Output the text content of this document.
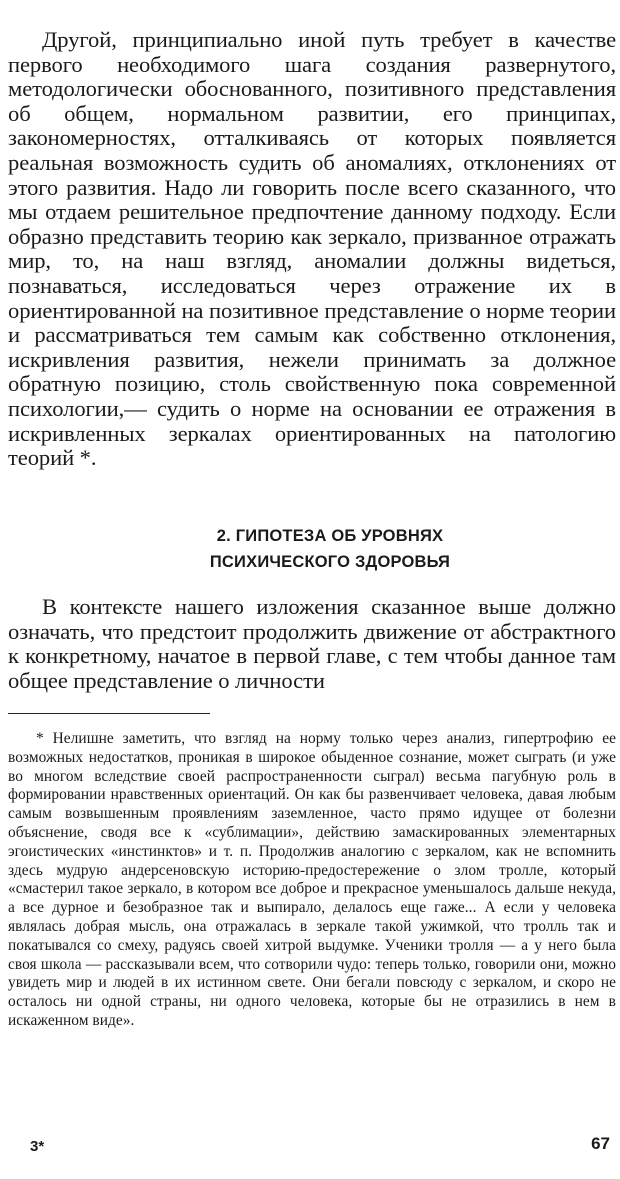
Другой, принципиально иной путь требует в качестве первого необходимого шага создания развернутого, методологически обоснованного, позитивного представления об общем, нормальном развитии, его принципах, закономерностях, отталкиваясь от которых появляется реальная возможность судить об аномалиях, отклонениях от этого развития. Надо ли говорить после всего сказанного, что мы отдаем решительное предпочтение данному подходу. Если образно представить теорию как зеркало, призванное отражать мир, то, на наш взгляд, аномалии должны видеться, познаваться, исследоваться через отражение их в ориентированной на позитивное представление о норме теории и рассматриваться тем самым как собственно отклонения, искривления развития, нежели принимать за должное обратную позицию, столь свойственную пока современной психологии,— судить о норме на основании ее отражения в искривленных зеркалах ориентированных на патологию теорий *.

2. ГИПОТЕЗА ОБ УРОВНЯХ
ПСИХИЧЕСКОГО ЗДОРОВЬЯ

В контексте нашего изложения сказанное выше должно означать, что предстоит продолжить движение от абстрактного к конкретному, начатое в первой главе, с тем чтобы данное там общее представление о личности

* Нелишне заметить, что взгляд на норму только через анализ, гипертрофию ее возможных недостатков, проникая в широкое обыденное сознание, может сыграть (и уже во многом вследствие своей распространенности сыграл) весьма пагубную роль в формировании нравственных ориентаций. Он как бы развенчивает человека, давая любым самым возвышенным проявлениям заземленное, часто прямо идущее от болезни объяснение, сводя все к «сублимации», действию замаскированных элементарных эгоистических «инстинктов» и т. п. Продолжив аналогию с зеркалом, как не вспомнить здесь мудрую андерсеновскую историю-предостережение о злом тролле, который «смастерил такое зеркало, в котором все доброе и прекрасное уменьшалось дальше некуда, а все дурное и безобразное так и выпирало, делалось еще гаже... А если у человека являлась добрая мысль, она отражалась в зеркале такой ужимкой, что тролль так и покатывался со смеху, радуясь своей хитрой выдумке. Ученики тролля — а у него была своя школа — рассказывали всем, что сотворили чудо: теперь только, говорили они, можно увидеть мир и людей в их истинном свете. Они бегали повсюду с зеркалом, и скоро не осталось ни одной страны, ни одного человека, которые бы не отразились в нем в искаженном виде».

3*	67
